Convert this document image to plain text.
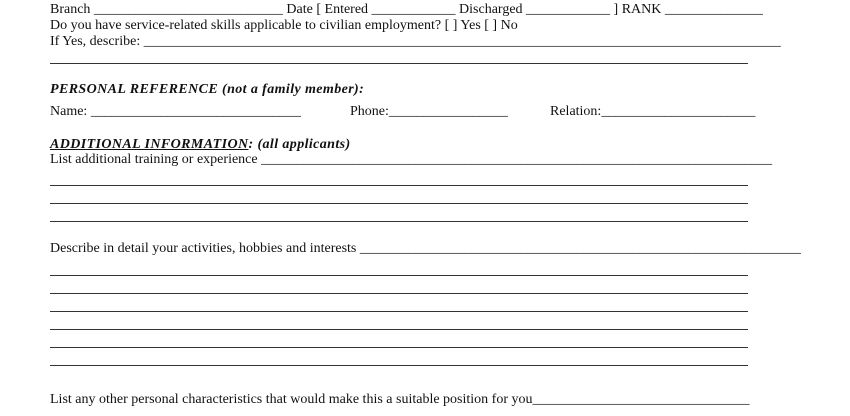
Branch ___________________________ Date [ Entered ____________ Discharged ____________ ] RANK ______________
Do you have service-related skills applicable to civilian employment? [ ] Yes [ ] No
If Yes, describe: ___________________________________________________________________________________________
PERSONAL REFERENCE (not a family member):
Name: ______________________________	Phone:_________________	Relation:______________________
ADDITIONAL INFORMATION: (all applicants)
List additional training or experience _________________________________________________________________________
Describe in detail your activities, hobbies and interests _______________________________________________________________
List any other personal characteristics that would make this a suitable position for you_______________________________
